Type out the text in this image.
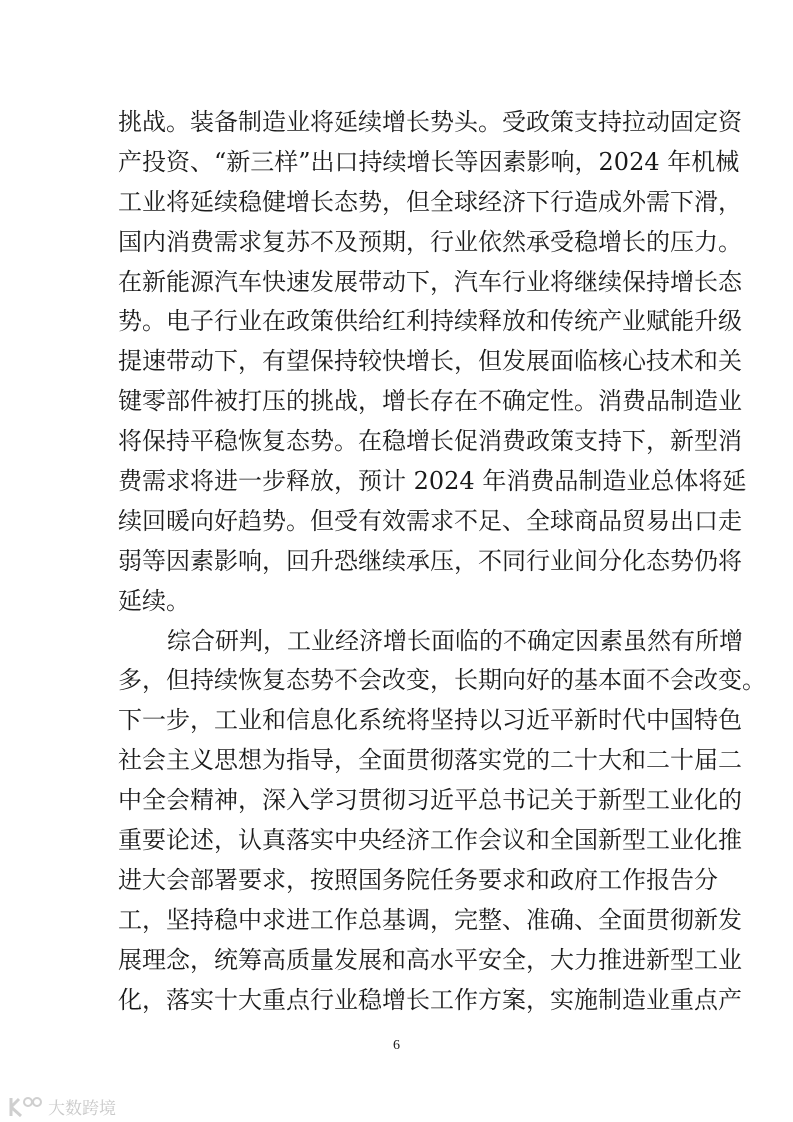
挑战。装备制造业将延续增长势头。受政策支持拉动固定资
产投资、“新三样”出口持续增长等因素影响，2024 年机械
工业将延续稳健增长态势，但全球经济下行造成外需下滑，
国内消费需求复苏不及预期，行业依然承受稳增长的压力。
在新能源汽车快速发展带动下，汽车行业将继续保持增长态
势。电子行业在政策供给红利持续释放和传统产业赋能升级
提速带动下，有望保持较快增长，但发展面临核心技术和关
键零部件被打压的挑战，增长存在不确定性。消费品制造业
将保持平稳恢复态势。在稳增长促消费政策支持下，新型消
费需求将进一步释放，预计 2024 年消费品制造业总体将延
续回暖向好趋势。但受有效需求不足、全球商品贸易出口走
弱等因素影响，回升恐继续承压，不同行业间分化态势仍将
延续。
综合研判，工业经济增长面临的不确定因素虽然有所增
多，但持续恢复态势不会改变，长期向好的基本面不会改变。
下一步，工业和信息化系统将坚持以习近平新时代中国特色
社会主义思想为指导，全面贯彻落实党的二十大和二十届二
中全会精神，深入学习贯彻习近平总书记关于新型工业化的
重要论述，认真落实中央经济工作会议和全国新型工业化推
进大会部署要求，按照国务院任务要求和政府工作报告分
工，坚持稳中求进工作总基调，完整、准确、全面贯彻新发
展理念，统筹高质量发展和高水平安全，大力推进新型工业
化，落实十大重点行业稳增长工作方案，实施制造业重点产
6
大数跨境
